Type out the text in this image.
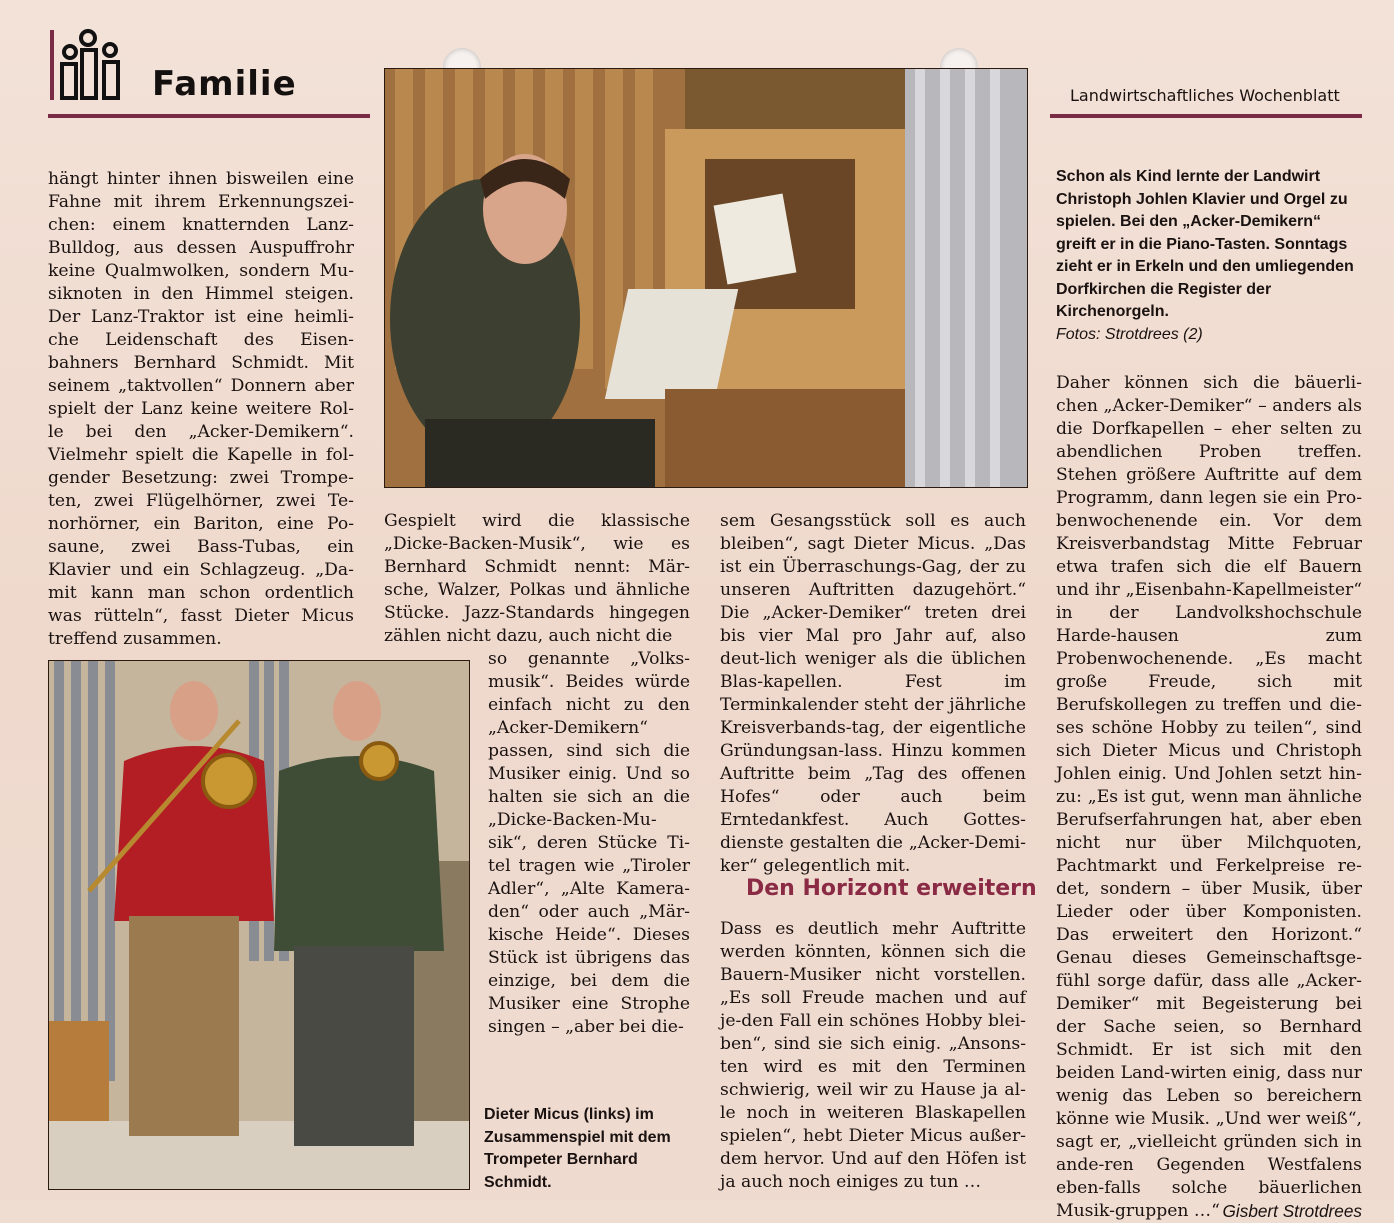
Familie	Landwirtschaftliches Wochenblatt

hängt hinter ihnen bisweilen eine Fahne mit ihrem Erkennungszei-chen: einem knatternden Lanz-Bulldog, aus dessen Auspuffrohr keine Qualmwolken, sondern Mu-siknoten in den Himmel steigen. Der Lanz-Traktor ist eine heimli-che Leidenschaft des Eisen-bahners Bernhard Schmidt. Mit seinem „taktvollen“ Donnern aber spielt der Lanz keine weitere Rol-le bei den „Acker-Demikern“. Vielmehr spielt die Kapelle in fol-gender Besetzung: zwei Trompe-ten, zwei Flügelhörner, zwei Te-norhörner, ein Bariton, eine Po-saune, zwei Bass-Tubas, ein Klavier und ein Schlagzeug. „Da-mit kann man schon ordentlich was rütteln“, fasst Dieter Micus treffend zusammen.

Gespielt wird die klassische „Dicke-Backen-Musik“, wie es Bernhard Schmidt nennt: Mär-sche, Walzer, Polkas und ähnliche Stücke. Jazz-Standards hingegen zählen nicht dazu, auch nicht die

so genannte „Volks-musik“. Beides würde einfach nicht zu den „Acker-Demikern“ passen, sind sich die Musiker einig. Und so halten sie sich an die „Dicke-Backen-Mu-sik“, deren Stücke Ti-tel tragen wie „Tiroler Adler“, „Alte Kamera-den“ oder auch „Mär-kische Heide“. Dieses Stück ist übrigens das einzige, bei dem die Musiker eine Strophe singen – „aber bei die-

Dieter Micus (links) im Zusammenspiel mit dem Trompeter Bernhard Schmidt.

sem Gesangsstück soll es auch bleiben“, sagt Dieter Micus. „Das ist ein Überraschungs-Gag, der zu unseren Auftritten dazugehört.“ Die „Acker-Demiker“ treten drei bis vier Mal pro Jahr auf, also deut-lich weniger als die üblichen Blas-kapellen. Fest im Terminkalender steht der jährliche Kreisverbands-tag, der eigentliche Gründungsan-lass. Hinzu kommen Auftritte beim „Tag des offenen Hofes“ oder auch beim Erntedankfest. Auch Gottes-dienste gestalten die „Acker-Demi-ker“ gelegentlich mit.

Den Horizont erweitern

Dass es deutlich mehr Auftritte werden könnten, können sich die Bauern-Musiker nicht vorstellen. „Es soll Freude machen und auf je-den Fall ein schönes Hobby blei-ben“, sind sie sich einig. „Ansons-ten wird es mit den Terminen schwierig, weil wir zu Hause ja al-le noch in weiteren Blaskapellen spielen“, hebt Dieter Micus außer-dem hervor. Und auf den Höfen ist ja auch noch einiges zu tun …

Schon als Kind lernte der Landwirt Christoph Johlen Klavier und Orgel zu spielen. Bei den „Acker-Demikern“ greift er in die Piano-Tasten. Sonntags zieht er in Erkeln und den umliegenden Dorfkirchen die Register der Kirchenorgeln.
Fotos: Strotdrees (2)

Daher können sich die bäuerli-chen „Acker-Demiker“ – anders als die Dorfkapellen – eher selten zu abendlichen Proben treffen. Stehen größere Auftritte auf dem Programm, dann legen sie ein Pro-benwochenende ein. Vor dem Kreisverbandstag Mitte Februar etwa trafen sich die elf Bauern und ihr „Eisenbahn-Kapellmeister“ in der Landvolkshochschule Harde-hausen zum Probenwochenende. „Es macht große Freude, sich mit Berufskollegen zu treffen und die-ses schöne Hobby zu teilen“, sind sich Dieter Micus und Christoph Johlen einig. Und Johlen setzt hin-zu: „Es ist gut, wenn man ähnliche Berufserfahrungen hat, aber eben nicht nur über Milchquoten, Pachtmarkt und Ferkelpreise re-det, sondern – über Musik, über Lieder oder über Komponisten. Das erweitert den Horizont.“ Genau dieses Gemeinschaftsge-fühl sorge dafür, dass alle „Acker-Demiker“ mit Begeisterung bei der Sache seien, so Bernhard Schmidt. Er ist sich mit den beiden Land-wirten einig, dass nur wenig das Leben so bereichern könne wie Musik. „Und wer weiß“, sagt er, „vielleicht gründen sich in ande-ren Gegenden Westfalens eben-falls solche bäuerlichen Musik-gruppen …“ Gisbert Strotdrees
